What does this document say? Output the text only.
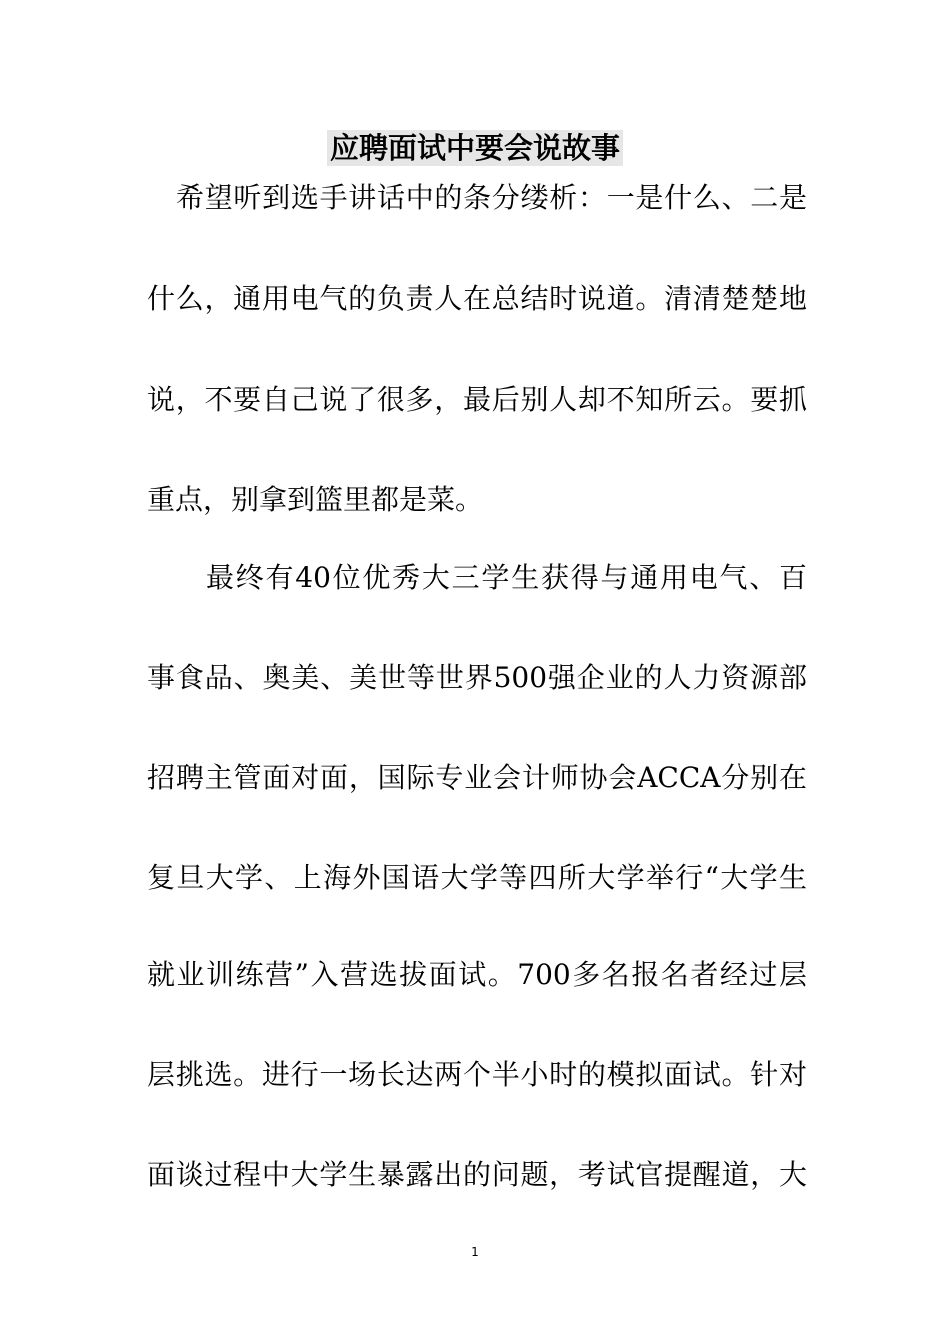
应聘面试中要会说故事
希望听到选手讲话中的条分缕析：一是什么、二是
什么，通用电气的负责人在总结时说道。清清楚楚地
说，不要自己说了很多，最后别人却不知所云。要抓
重点，别拿到篮里都是菜。
最终有40位优秀大三学生获得与通用电气、百
事食品、奥美、美世等世界500强企业的人力资源部
招聘主管面对面，国际专业会计师协会ACCA分别在
复旦大学、上海外国语大学等四所大学举行“大学生
就业训练营”入营选拔面试。700多名报名者经过层
层挑选。进行一场长达两个半小时的模拟面试。针对
面谈过程中大学生暴露出的问题，考试官提醒道，大
1
